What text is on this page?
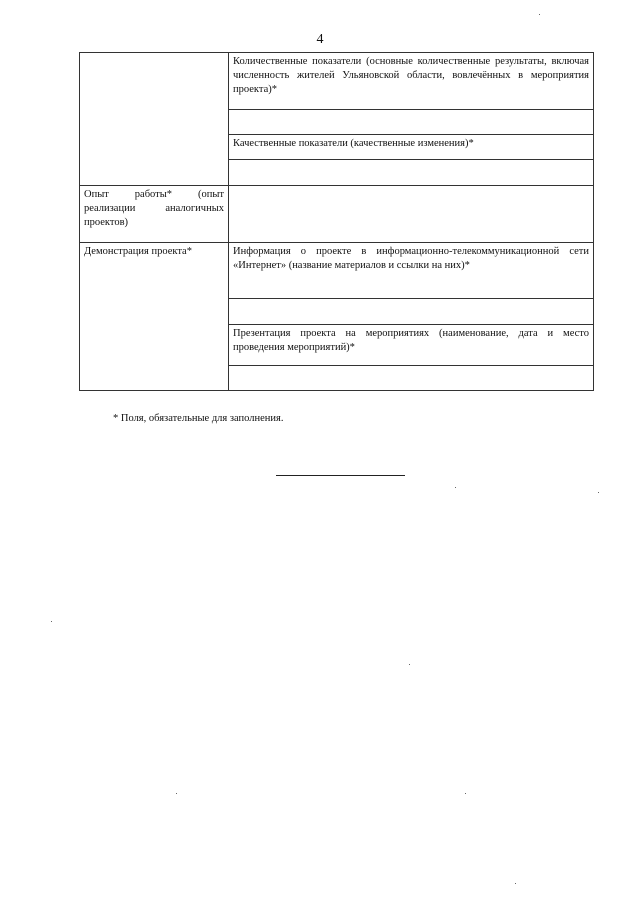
4
	Количественные показатели (основные количественные результаты, включая численность жителей Ульяновской области, вовлечённых в мероприятия проекта)*

	Качественные показатели (качественные изменения)*

Опыт работы* (опыт реализации аналогичных проектов)	
Демонстрация проекта*	Информация о проекте в информационно-телекоммуникационной сети «Интернет» (название материалов и ссылки на них)*

	Презентация проекта на мероприятиях (наименование, дата и место проведения мероприятий)*

* Поля, обязательные для заполнения.
